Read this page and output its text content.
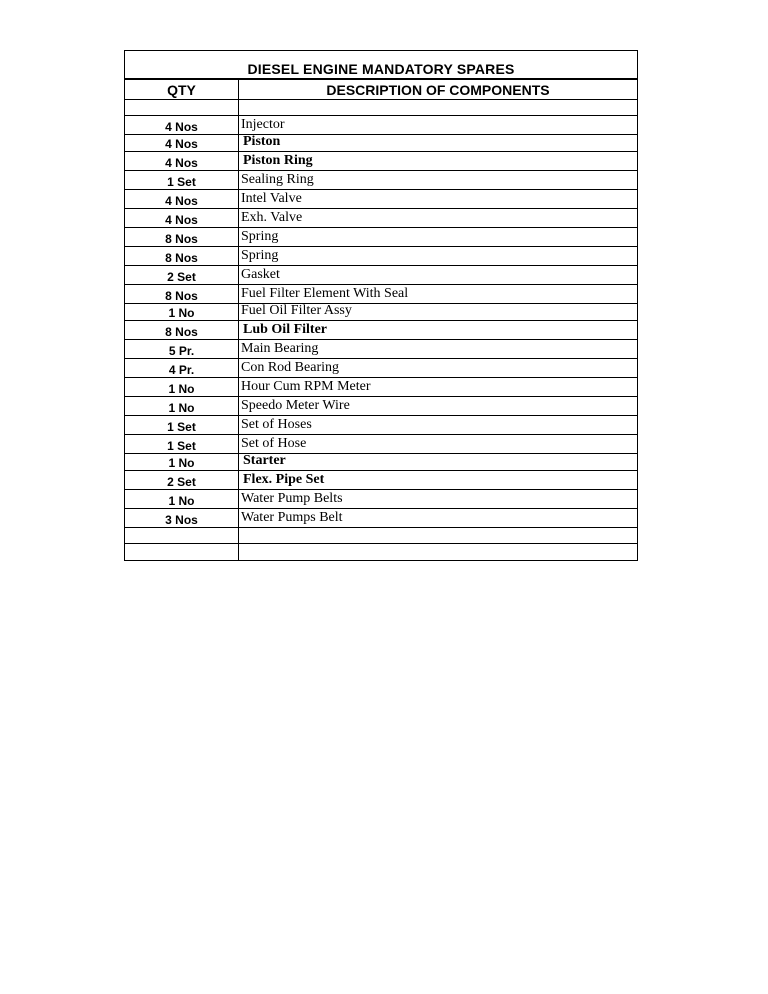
DIESEL ENGINE MANDATORY SPARES
QTY	DESCRIPTION OF COMPONENTS
4 Nos	Injector
4 Nos	Piston
4 Nos	Piston Ring
1 Set	Sealing Ring
4 Nos	Intel Valve
4 Nos	Exh. Valve
8 Nos	Spring
8 Nos	Spring
2 Set	Gasket
8 Nos	Fuel Filter Element With Seal
1 No	Fuel Oil Filter Assy
8 Nos	Lub Oil Filter
5 Pr.	Main Bearing
4 Pr.	Con Rod Bearing
1 No	Hour Cum RPM Meter
1 No	Speedo Meter Wire
1 Set	Set of Hoses
1 Set	Set of Hose
1 No	Starter
2 Set	Flex. Pipe Set
1 No	Water Pump Belts
3 Nos	Water Pumps Belt
